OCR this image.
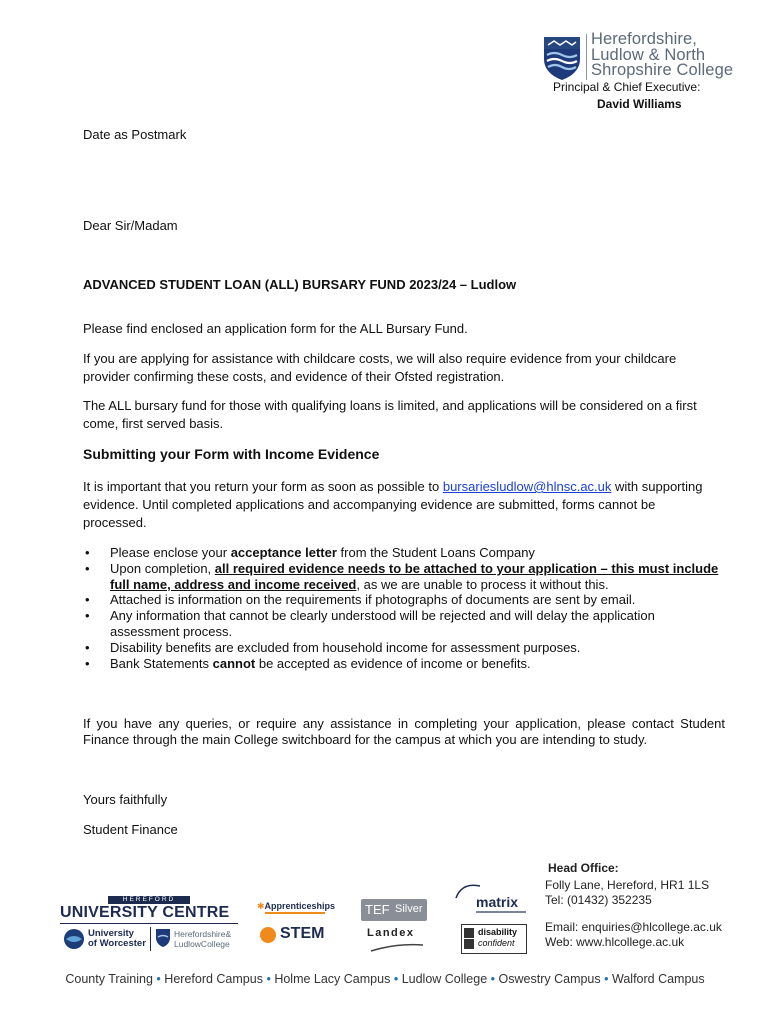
Herefordshire,
Ludlow & North
Shropshire College
Principal & Chief Executive:
David Williams
Date as Postmark
Dear Sir/Madam
ADVANCED STUDENT LOAN (ALL) BURSARY FUND 2023/24 – Ludlow
Please find enclosed an application form for the ALL Bursary Fund.
If you are applying for assistance with childcare costs, we will also require evidence from your childcare provider confirming these costs, and evidence of their Ofsted registration.
The ALL bursary fund for those with qualifying loans is limited, and applications will be considered on a first come, first served basis.
Submitting your Form with Income Evidence
It is important that you return your form as soon as possible to bursariesludlow@hlnsc.ac.uk with supporting evidence. Until completed applications and accompanying evidence are submitted, forms cannot be processed.
• Please enclose your acceptance letter from the Student Loans Company
• Upon completion, all required evidence needs to be attached to your application – this must include full name, address and income received, as we are unable to process it without this.
• Attached is information on the requirements if photographs of documents are sent by email.
• Any information that cannot be clearly understood will be rejected and will delay the application assessment process.
• Disability benefits are excluded from household income for assessment purposes.
• Bank Statements cannot be accepted as evidence of income or benefits.
If you have any queries, or require any assistance in completing your application, please contact Student Finance through the main College switchboard for the campus at which you are intending to study.
Yours faithfully
Student Finance
Head Office:
Folly Lane, Hereford, HR1 1LS
Tel: (01432) 352235
Email: enquiries@hlcollege.ac.uk
Web: www.hlcollege.ac.uk
HEREFORD
UNIVERSITY CENTRE
University
of Worcester
Herefordshire&
LudlowCollege
✱Apprenticeships
STEM
TEF Silver
Landex
matrix
disability
confident
County Training • Hereford Campus • Holme Lacy Campus • Ludlow College • Oswestry Campus • Walford Campus
